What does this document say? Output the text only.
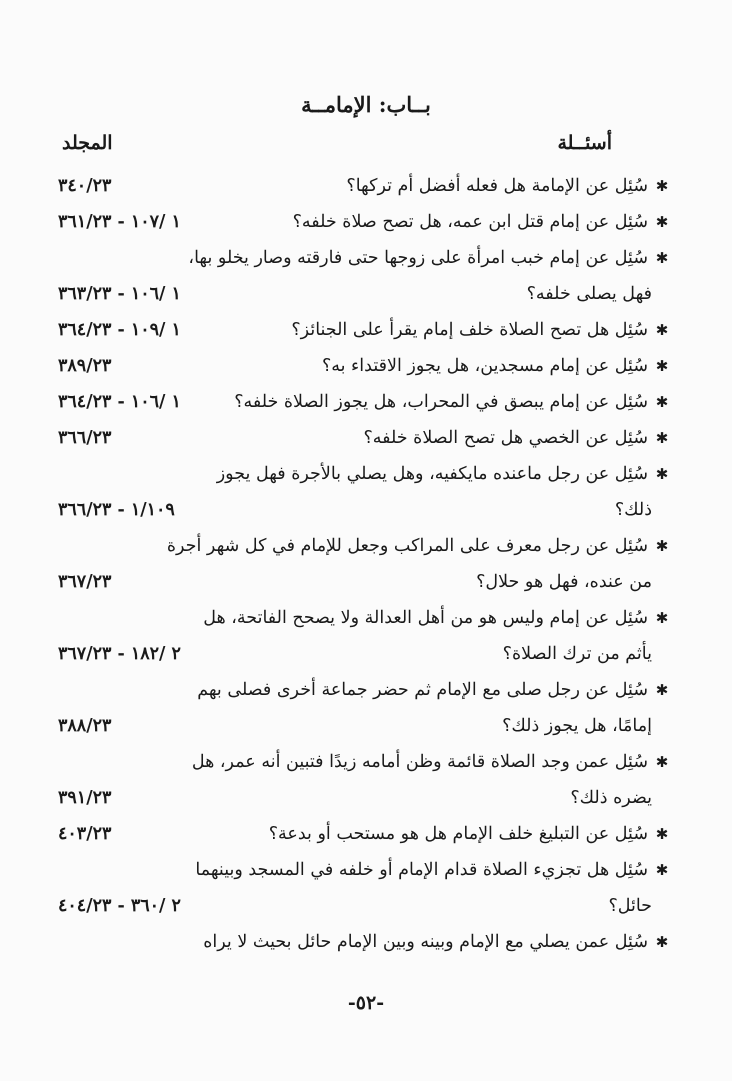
بــاب: الإمامــة
أسئــلة
المجلد
✱سُئِل عن الإمامة هل فعله أفضل أم تركها؟
٣٤٠/٢٣
✱سُئِل عن إمام قتل ابن عمه، هل تصح صلاة خلفه؟
١ /١٠٧ - ٣٦١/٢٣
✱سُئِل عن إمام خبب امرأة على زوجها حتى فارقته وصار يخلو بها،
فهل يصلى خلفه؟
١ /١٠٦ - ٣٦٣/٢٣
✱سُئِل هل تصح الصلاة خلف إمام يقرأ على الجنائز؟
١ /١٠٩ - ٣٦٤/٢٣
✱سُئِل عن إمام مسجدين، هل يجوز الاقتداء به؟
٣٨٩/٢٣
✱سُئِل عن إمام يبصق في المحراب، هل يجوز الصلاة خلفه؟
١ /١٠٦ - ٣٦٤/٢٣
✱سُئِل عن الخصي هل تصح الصلاة خلفه؟
٣٦٦/٢٣
✱سُئِل عن رجل ماعنده مايكفيه، وهل يصلي بالأجرة فهل يجوز
ذلك؟
١/١٠٩ - ٣٦٦/٢٣
✱سُئِل عن رجل معرف على المراكب وجعل للإمام في كل شهر أجرة
من عنده، فهل هو حلال؟
٣٦٧/٢٣
✱سُئِل عن إمام وليس هو من أهل العدالة ولا يصحح الفاتحة، هل
يأثم من ترك الصلاة؟
٢ /١٨٢ - ٣٦٧/٢٣
✱سُئِل عن رجل صلى مع الإمام ثم حضر جماعة أخرى فصلى بهم
إمامًا، هل يجوز ذلك؟
٣٨٨/٢٣
✱سُئِل عمن وجد الصلاة قائمة وظن أمامه زيدًا فتبين أنه عمر، هل
يضره ذلك؟
٣٩١/٢٣
✱سُئِل عن التبليغ خلف الإمام هل هو مستحب أو بدعة؟
٤٠٣/٢٣
✱سُئِل هل تجزيء الصلاة قدام الإمام أو خلفه في المسجد وبينهما
حائل؟
٢ /٣٦٠ - ٤٠٤/٢٣
✱سُئِل عمن يصلي مع الإمام وبينه وبين الإمام حائل بحيث لا يراه
-٥٢-
